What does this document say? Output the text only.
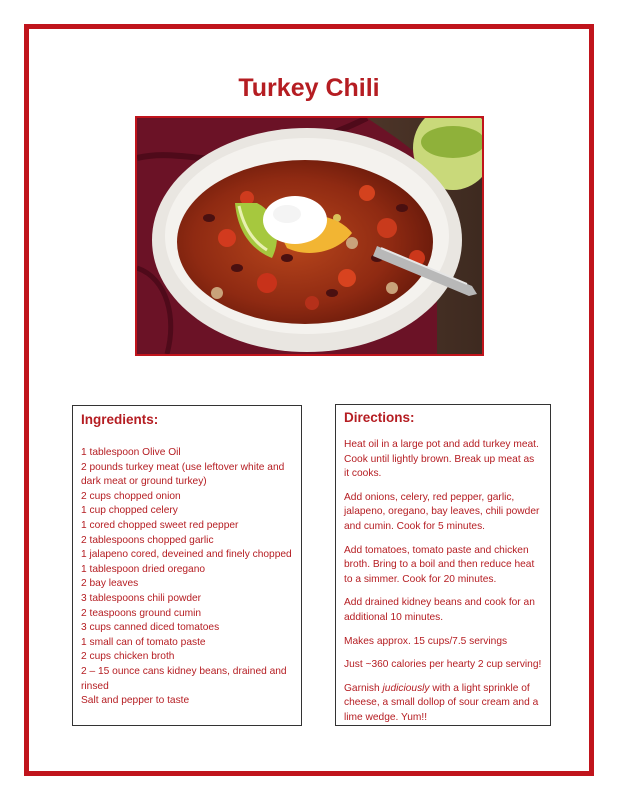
Turkey Chili
Ingredients:
1 tablespoon Olive Oil
2 pounds turkey meat (use leftover white and dark meat or ground turkey)
2 cups chopped onion
1 cup chopped celery
1 cored chopped sweet red pepper
2 tablespoons chopped garlic
1 jalapeno cored, deveined and finely chopped
1 tablespoon dried oregano
2 bay leaves
3 tablespoons chili powder
2 teaspoons ground cumin
3 cups canned diced tomatoes
1 small can of tomato paste
2 cups chicken broth
2 – 15 ounce cans kidney beans, drained and rinsed
Salt and pepper to taste
Directions:

Heat oil in a large pot and add turkey meat. Cook until lightly brown. Break up meat as it cooks.

Add onions, celery, red pepper, garlic, jalapeno, oregano, bay leaves, chili powder and cumin. Cook for 5 minutes.

Add tomatoes, tomato paste and chicken broth. Bring to a boil and then reduce heat to a simmer. Cook for 20 minutes.

Add drained kidney beans and cook for an additional 10 minutes.

Makes approx. 15 cups/7.5 servings

Just ~360 calories per hearty 2 cup serving!

Garnish judiciously with a light sprinkle of cheese, a small dollop of sour cream and a lime wedge. Yum!!
